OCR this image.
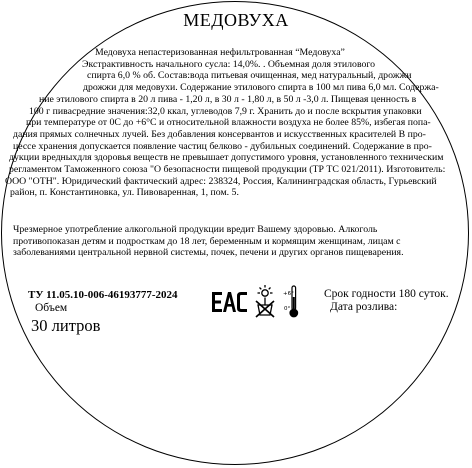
МЕДОВУХА
Медовуха непастеризованная нефильтрованная “Медовуха”
Экстрактивность начального сусла: 14,0%. . Объемная доля этилового
спирта 6,0 % об. Состав:вода питьевая очищенная, мед натуральный, дрожжи
дрожжи для медовухи. Содержание этилового спирта в 100 мл пива 6,0 мл. Содержа-
ние этилового спирта в 20 л пива - 1,20 л, в 30 л - 1,80 л, в 50 л -3,0 л. Пищевая ценность в
100 г пивасредние значения:32,0 ккал, углеводов 7,9 г. Хранить до и после вскрытия упаковки
при температуре от 0С до +6°С и относительной влажности воздуха не более 85%, избегая попа-
дания прямых солнечных лучей. Без добавления консервантов и искусственных красителей В про-
цессе хранения допускается появление частиц белково - дубильных соединений. Содержание в про-
дукции вредныхдля здоровья веществ не превышает допустимого уровня, установленного техническим
регламентом Таможенного союза "О безопасности пищевой продукции (ТР ТС 021/2011). Изготовитель:
ООО "ОТН". Юридический фактический адрес: 238324, Россия, Калининградская область, Гурьевский
район, п. Константиновка, ул. Пивоваренная, 1, пом. 5.
Чрезмерное употребление алкогольной продукции вредит Вашему здоровью. Алкоголь
противопоказан детям и подросткам до 18 лет, беременным и кормящим женщинам, лицам с
заболеваниями центральной нервной системы, почек, печени и других органов пищеварения.
ТУ 11.05.10-006-46193777-2024
Объем
30 литров
Срок годности 180 суток.
Дата розлива:
+6°
0°
